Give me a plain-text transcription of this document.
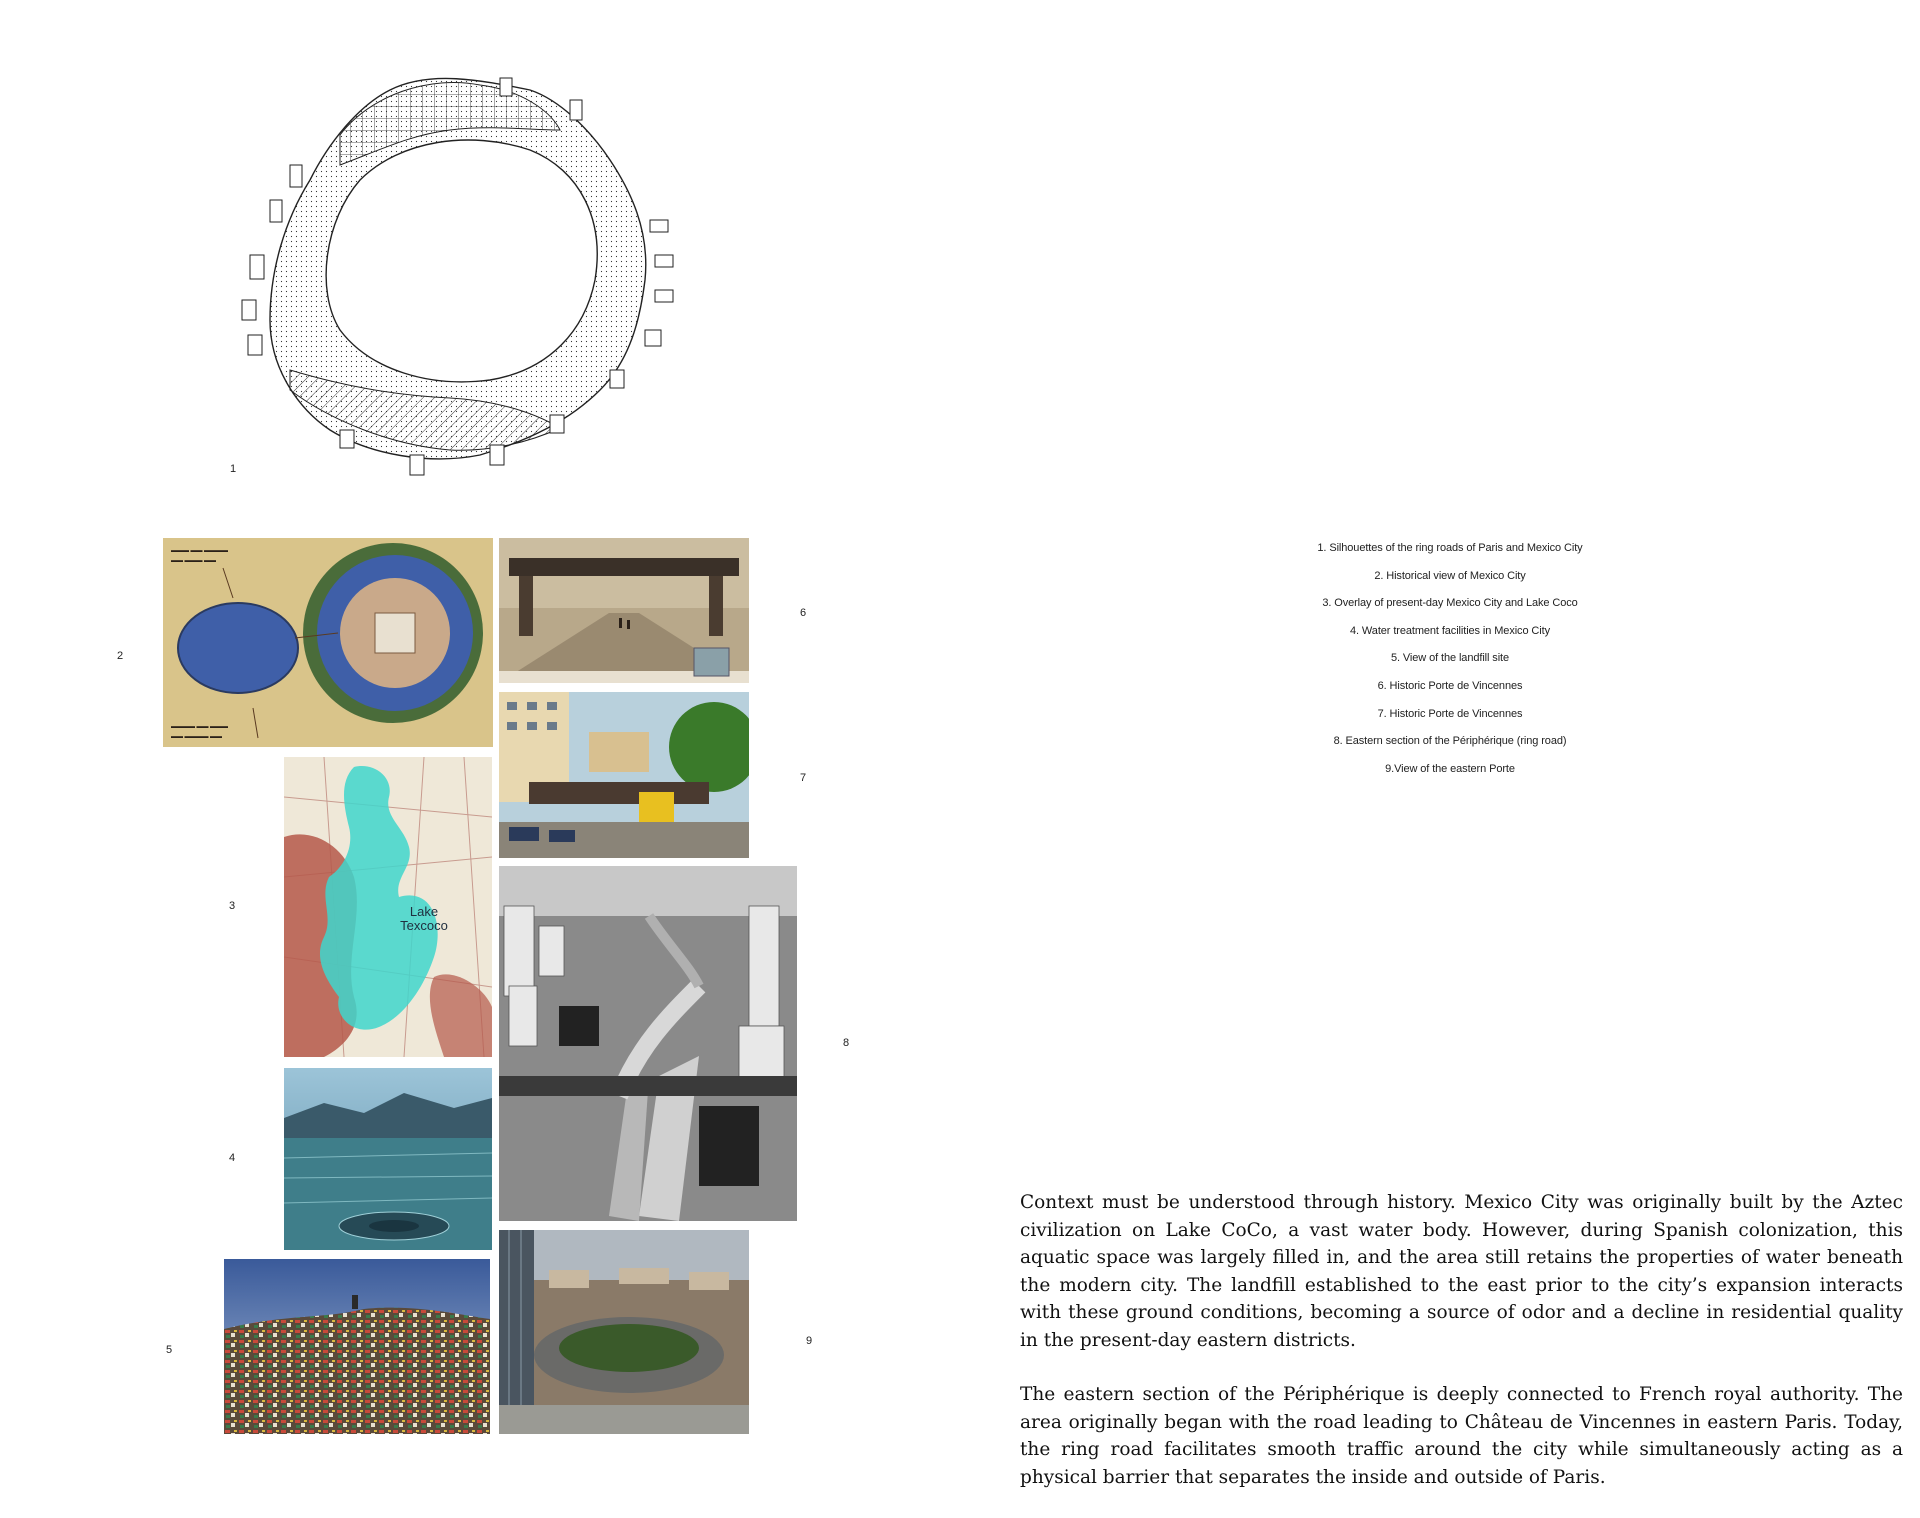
1
▬▬▬ ▬▬ ▬▬▬▬
▬▬ ▬▬▬ ▬▬
▬▬▬▬ ▬▬ ▬▬▬
▬▬ ▬▬▬▬ ▬▬
2
Lake
Texcoco
3
4
5
6
7
8
9
1. Silhouettes of the ring roads of Paris and Mexico City
2. Historical view of Mexico City
3. Overlay of present-day Mexico City and Lake Coco
4. Water treatment facilities in Mexico City
5. View of the landfill site
6. Historic Porte de Vincennes
7. Historic Porte de Vincennes
8. Eastern section of the Périphérique (ring road)
9.View of the eastern Porte

Context must be understood through history. Mexico City was originally built by the Aztec civilization on Lake CoCo, a vast water body. However, during Spanish colonization, this aquatic space was largely filled in, and the area still retains the properties of water beneath the modern city. The landfill established to the east prior to the city’s expansion interacts with these ground conditions, becoming a source of odor and a decline in residential quality in the present-day eastern districts.

The eastern section of the Périphérique is deeply connected to French royal authority. The area originally began with the road leading to Château de Vincennes in eastern Paris. Today, the ring road facilitates smooth traffic around the city while simultaneously acting as a physical barrier that separates the inside and outside of Paris.
